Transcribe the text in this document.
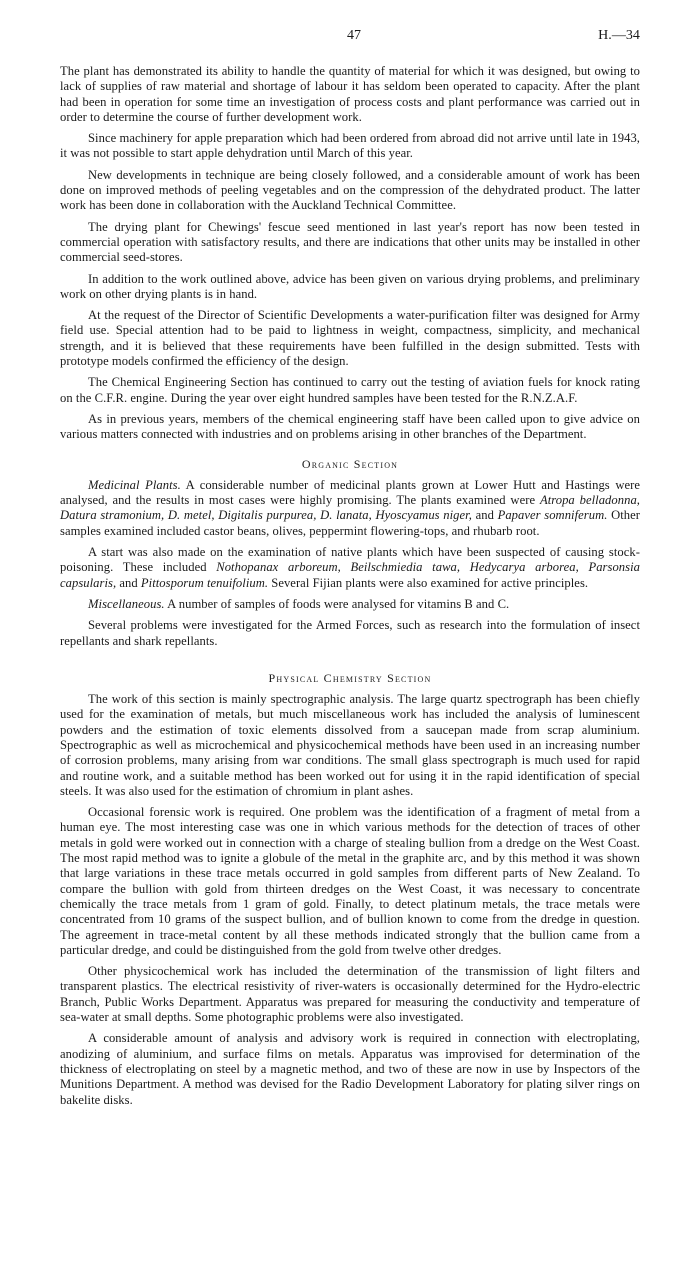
47	H.—34

The plant has demonstrated its ability to handle the quantity of material for which it was designed, but owing to lack of supplies of raw material and shortage of labour it has seldom been operated to capacity. After the plant had been in operation for some time an investigation of process costs and plant performance was carried out in order to determine the course of further development work.

Since machinery for apple preparation which had been ordered from abroad did not arrive until late in 1943, it was not possible to start apple dehydration until March of this year.

New developments in technique are being closely followed, and a considerable amount of work has been done on improved methods of peeling vegetables and on the compression of the dehydrated product. The latter work has been done in collaboration with the Auckland Technical Committee.

The drying plant for Chewings' fescue seed mentioned in last year's report has now been tested in commercial operation with satisfactory results, and there are indications that other units may be installed in other commercial seed-stores.

In addition to the work outlined above, advice has been given on various drying problems, and preliminary work on other drying plants is in hand.

At the request of the Director of Scientific Developments a water-purification filter was designed for Army field use. Special attention had to be paid to lightness in weight, compactness, simplicity, and mechanical strength, and it is believed that these requirements have been fulfilled in the design submitted. Tests with prototype models confirmed the efficiency of the design.

The Chemical Engineering Section has continued to carry out the testing of aviation fuels for knock rating on the C.F.R. engine. During the year over eight hundred samples have been tested for the R.N.Z.A.F.

As in previous years, members of the chemical engineering staff have been called upon to give advice on various matters connected with industries and on problems arising in other branches of the Department.

Organic Section

Medicinal Plants. A considerable number of medicinal plants grown at Lower Hutt and Hastings were analysed, and the results in most cases were highly promising. The plants examined were Atropa belladonna, Datura stramonium, D. metel, Digitalis purpurea, D. lanata, Hyoscyamus niger, and Papaver somniferum. Other samples examined included castor beans, olives, peppermint flowering-tops, and rhubarb root.

A start was also made on the examination of native plants which have been suspected of causing stock-poisoning. These included Nothopanax arboreum, Beilschmiedia tawa, Hedycarya arborea, Parsonsia capsularis, and Pittosporum tenuifolium. Several Fijian plants were also examined for active principles.

Miscellaneous. A number of samples of foods were analysed for vitamins B and C.

Several problems were investigated for the Armed Forces, such as research into the formulation of insect repellants and shark repellants.

Physical Chemistry Section

The work of this section is mainly spectrographic analysis. The large quartz spectrograph has been chiefly used for the examination of metals, but much miscellaneous work has included the analysis of luminescent powders and the estimation of toxic elements dissolved from a saucepan made from scrap aluminium. Spectrographic as well as microchemical and physicochemical methods have been used in an increasing number of corrosion problems, many arising from war conditions. The small glass spectrograph is much used for rapid and routine work, and a suitable method has been worked out for using it in the rapid identification of special steels. It was also used for the estimation of chromium in plant ashes.

Occasional forensic work is required. One problem was the identification of a fragment of metal from a human eye. The most interesting case was one in which various methods for the detection of traces of other metals in gold were worked out in connection with a charge of stealing bullion from a dredge on the West Coast. The most rapid method was to ignite a globule of the metal in the graphite arc, and by this method it was shown that large variations in these trace metals occurred in gold samples from different parts of New Zealand. To compare the bullion with gold from thirteen dredges on the West Coast, it was necessary to concentrate chemically the trace metals from 1 gram of gold. Finally, to detect platinum metals, the trace metals were concentrated from 10 grams of the suspect bullion, and of bullion known to come from the dredge in question. The agreement in trace-metal content by all these methods indicated strongly that the bullion came from a particular dredge, and could be distinguished from the gold from twelve other dredges.

Other physicochemical work has included the determination of the transmission of light filters and transparent plastics. The electrical resistivity of river-waters is occasionally determined for the Hydro-electric Branch, Public Works Department. Apparatus was prepared for measuring the conductivity and temperature of sea-water at small depths. Some photographic problems were also investigated.

A considerable amount of analysis and advisory work is required in connection with electroplating, anodizing of aluminium, and surface films on metals. Apparatus was improvised for determination of the thickness of electroplating on steel by a magnetic method, and two of these are now in use by Inspectors of the Munitions Department. A method was devised for the Radio Development Laboratory for plating silver rings on bakelite disks.
